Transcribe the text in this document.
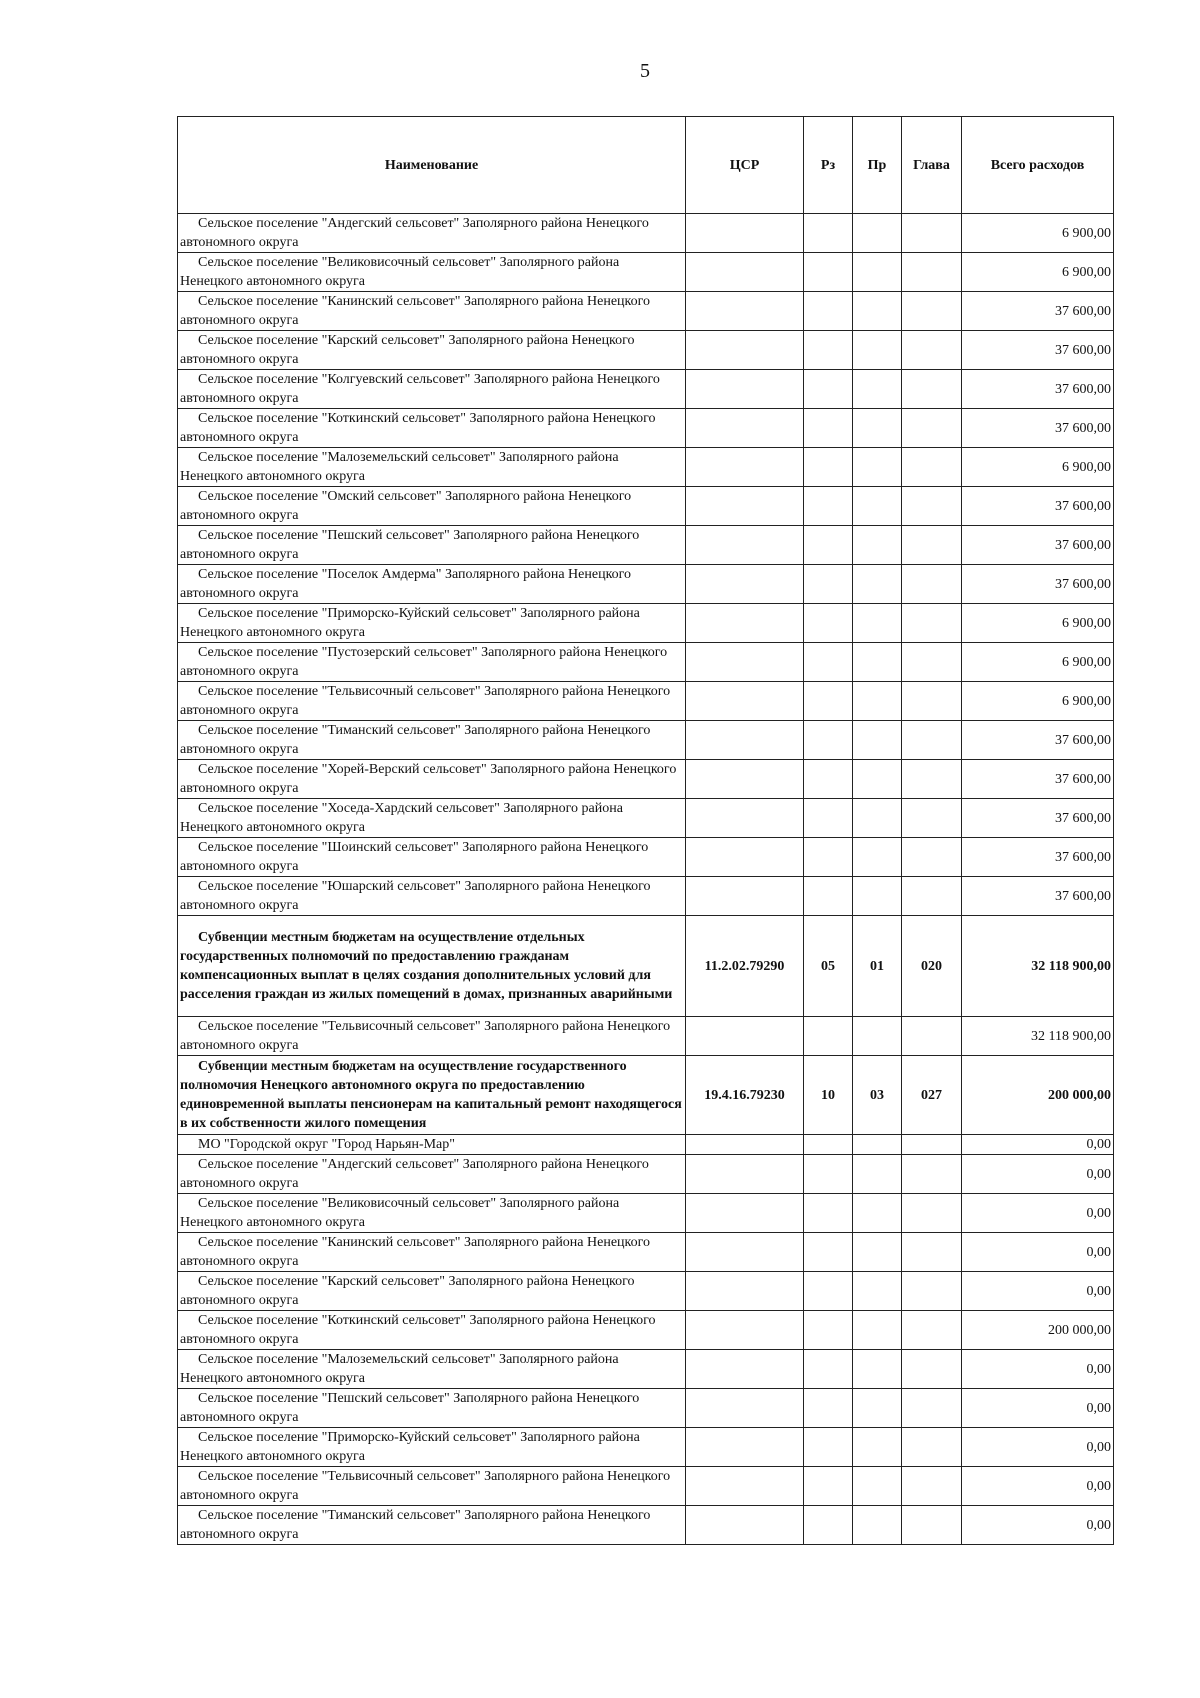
5
Наименование	ЦСР	Рз	Пр	Глава	Всего расходов

Сельское поселение "Андегский сельсовет" Заполярного района Ненецкого автономного округа					6 900,00

Сельское поселение "Великовисочный сельсовет" Заполярного района Ненецкого автономного округа					6 900,00

Сельское поселение "Канинский сельсовет" Заполярного района Ненецкого автономного округа					37 600,00

Сельское поселение "Карский сельсовет" Заполярного района Ненецкого автономного округа					37 600,00

Сельское поселение "Колгуевский сельсовет" Заполярного района Ненецкого автономного округа					37 600,00

Сельское поселение "Коткинский сельсовет" Заполярного района Ненецкого автономного округа					37 600,00

Сельское поселение "Малоземельский сельсовет" Заполярного района Ненецкого автономного округа					6 900,00

Сельское поселение "Омский сельсовет" Заполярного района Ненецкого автономного округа					37 600,00

Сельское поселение "Пешский сельсовет" Заполярного района Ненецкого автономного округа					37 600,00

Сельское поселение "Поселок Амдерма" Заполярного района Ненецкого автономного округа					37 600,00

Сельское поселение "Приморско-Куйский сельсовет" Заполярного района Ненецкого автономного округа					6 900,00

Сельское поселение "Пустозерский сельсовет" Заполярного района Ненецкого автономного округа					6 900,00

Сельское поселение "Тельвисочный сельсовет" Заполярного района Ненецкого автономного округа					6 900,00

Сельское поселение "Тиманский сельсовет" Заполярного района Ненецкого автономного округа					37 600,00

Сельское поселение "Хорей-Верский сельсовет" Заполярного района Ненецкого автономного округа					37 600,00

Сельское поселение "Хоседа-Хардский сельсовет" Заполярного района Ненецкого автономного округа					37 600,00

Сельское поселение "Шоинский сельсовет" Заполярного района Ненецкого автономного округа					37 600,00

Сельское поселение "Юшарский сельсовет" Заполярного района Ненецкого автономного округа					37 600,00

Субвенции местным бюджетам на осуществление отдельных государственных полномочий по предоставлению гражданам компенсационных выплат в целях создания дополнительных условий для расселения граждан из жилых помещений в домах, признанных аварийными	11.2.02.79290	05	01	020	32 118 900,00

Сельское поселение "Тельвисочный сельсовет" Заполярного района Ненецкого автономного округа					32 118 900,00

Субвенции местным бюджетам на осуществление государственного полномочия Ненецкого автономного округа по предоставлению единовременной выплаты пенсионерам на капитальный ремонт находящегося в их собственности жилого помещения	19.4.16.79230	10	03	027	200 000,00

МО "Городской округ "Город Нарьян-Мар"					0,00

Сельское поселение "Андегский сельсовет" Заполярного района Ненецкого автономного округа					0,00

Сельское поселение "Великовисочный сельсовет" Заполярного района Ненецкого автономного округа					0,00

Сельское поселение "Канинский сельсовет" Заполярного района Ненецкого автономного округа					0,00

Сельское поселение "Карский сельсовет" Заполярного района Ненецкого автономного округа					0,00

Сельское поселение "Коткинский сельсовет" Заполярного района Ненецкого автономного округа					200 000,00

Сельское поселение "Малоземельский сельсовет" Заполярного района Ненецкого автономного округа					0,00

Сельское поселение "Пешский сельсовет" Заполярного района Ненецкого автономного округа					0,00

Сельское поселение "Приморско-Куйский сельсовет" Заполярного района Ненецкого автономного округа					0,00

Сельское поселение "Тельвисочный сельсовет" Заполярного района Ненецкого автономного округа					0,00

Сельское поселение "Тиманский сельсовет" Заполярного района Ненецкого автономного округа					0,00
